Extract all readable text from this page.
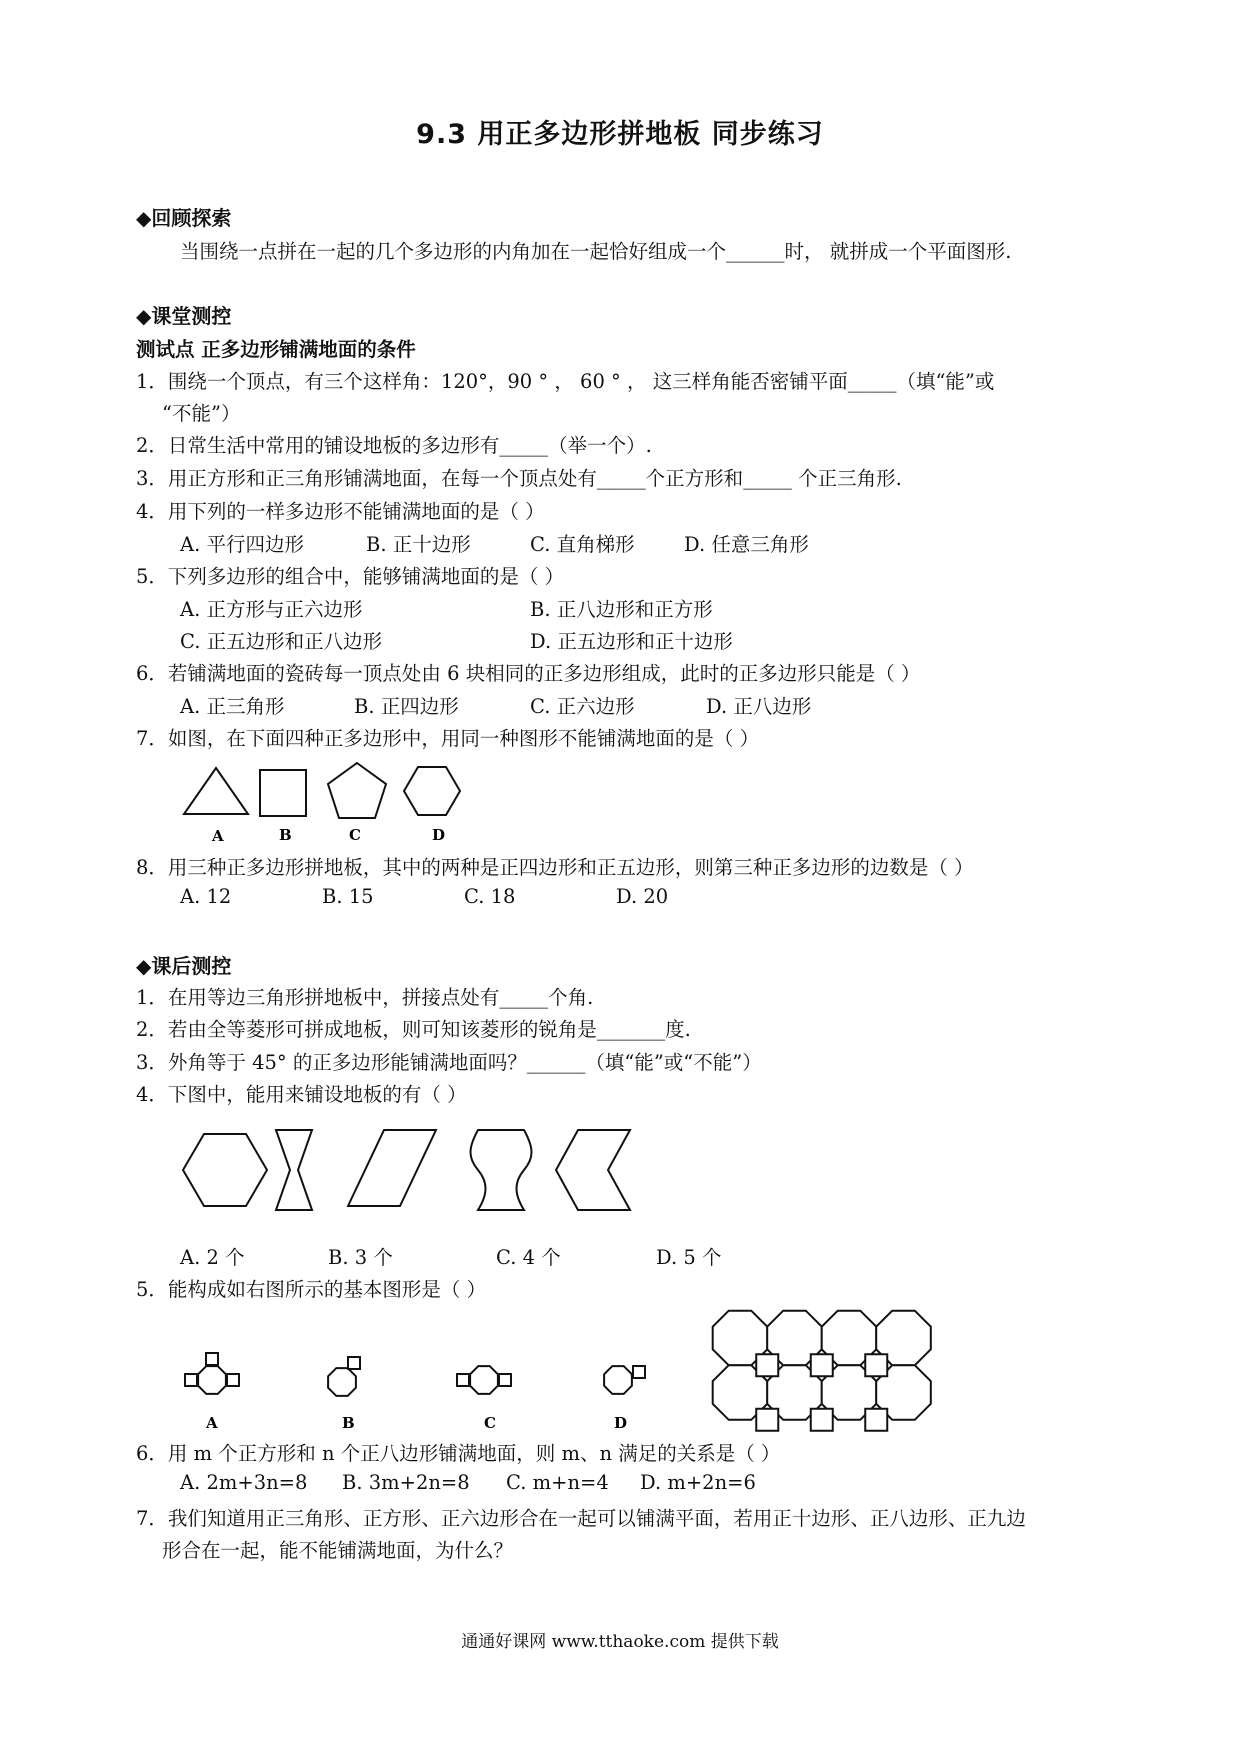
9.3 用正多边形拼地板 同步练习
◆回顾探索
当围绕一点拼在一起的几个多边形的内角加在一起恰好组成一个______时， 就拼成一个平面图形.
◆课堂测控
测试点 正多边形铺满地面的条件
1．围绕一个顶点，有三个这样角：120°，90 ° ， 60 ° ， 这三样角能否密铺平面_____（填“能”或
“不能”）
2．日常生活中常用的铺设地板的多边形有_____（举一个）.
3．用正方形和正三角形铺满地面，在每一个顶点处有_____个正方形和_____ 个正三角形.
4．用下列的一样多边形不能铺满地面的是（ ）
A. 平行四边形	B. 正十边形	C. 直角梯形	D. 任意三角形
5．下列多边形的组合中，能够铺满地面的是（ ）
A. 正方形与正六边形	B. 正八边形和正方形
C. 正五边形和正八边形	D. 正五边形和正十边形
6．若铺满地面的瓷砖每一顶点处由 6 块相同的正多边形组成，此时的正多边形只能是（ ）
A. 正三角形	B. 正四边形	C. 正六边形	D. 正八边形
7．如图，在下面四种正多边形中，用同一种图形不能铺满地面的是（ ）
A	B	C	D
8．用三种正多边形拼地板，其中的两种是正四边形和正五边形，则第三种正多边形的边数是（ ）
A. 12	B. 15	C. 18	D. 20
◆课后测控
1．在用等边三角形拼地板中，拼接点处有_____个角.
2．若由全等菱形可拼成地板，则可知该菱形的锐角是_______度.
3．外角等于 45° 的正多边形能铺满地面吗？______（填“能”或“不能”）
4．下图中，能用来铺设地板的有（ ）
A. 2 个	B. 3 个	C. 4 个	D. 5 个
5．能构成如右图所示的基本图形是（ ）
A	B	C	D
6．用 m 个正方形和 n 个正八边形铺满地面，则 m、n 满足的关系是（ ）
A. 2m+3n=8 B. 3m+2n=8 C. m+n=4 D. m+2n=6
7．我们知道用正三角形、正方形、正六边形合在一起可以铺满平面，若用正十边形、正八边形、正九边
形合在一起，能不能铺满地面，为什么？
通通好课网 www.tthaoke.com 提供下载
